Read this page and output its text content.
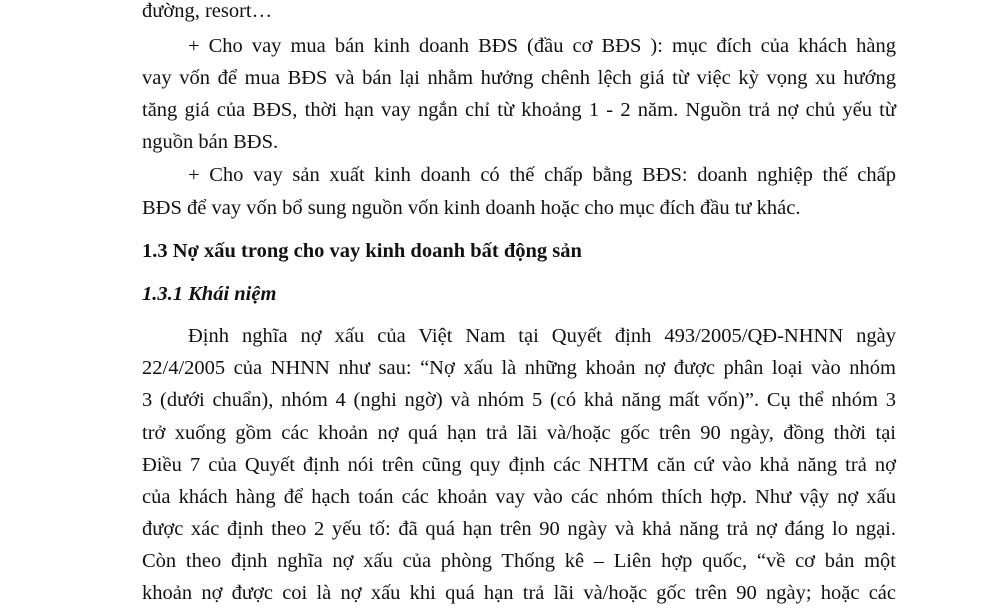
đường, resort…
+ Cho vay mua bán kinh doanh BĐS (đầu cơ BĐS ): mục đích của khách hàng
vay vốn để mua BĐS và bán lại nhằm hưởng chênh lệch giá từ việc kỳ vọng xu hướng
tăng giá của BĐS, thời hạn vay ngắn chỉ từ khoảng 1 - 2 năm. Nguồn trả nợ chủ yếu từ
nguồn bán BĐS.
+ Cho vay sản xuất kinh doanh có thế chấp bằng BĐS: doanh nghiệp thế chấp
BĐS để vay vốn bổ sung nguồn vốn kinh doanh hoặc cho mục đích đầu tư khác.
1.3 Nợ xấu trong cho vay kinh doanh bất động sản
1.3.1 Khái niệm
Định nghĩa nợ xấu của Việt Nam tại Quyết định 493/2005/QĐ-NHNN ngày
22/4/2005 của NHNN như sau: “Nợ xấu là những khoản nợ được phân loại vào nhóm
3 (dưới chuẩn), nhóm 4 (nghi ngờ) và nhóm 5 (có khả năng mất vốn)”. Cụ thể nhóm 3
trở xuống gồm các khoản nợ quá hạn trả lãi và/hoặc gốc trên 90 ngày, đồng thời tại
Điều 7 của Quyết định nói trên cũng quy định các NHTM căn cứ vào khả năng trả nợ
của khách hàng để hạch toán các khoản vay vào các nhóm thích hợp. Như vậy nợ xấu
được xác định theo 2 yếu tố: đã quá hạn trên 90 ngày và khả năng trả nợ đáng lo ngại.
Còn theo định nghĩa nợ xấu của phòng Thống kê – Liên hợp quốc, “về cơ bản một
khoản nợ được coi là nợ xấu khi quá hạn trả lãi và/hoặc gốc trên 90 ngày; hoặc các
